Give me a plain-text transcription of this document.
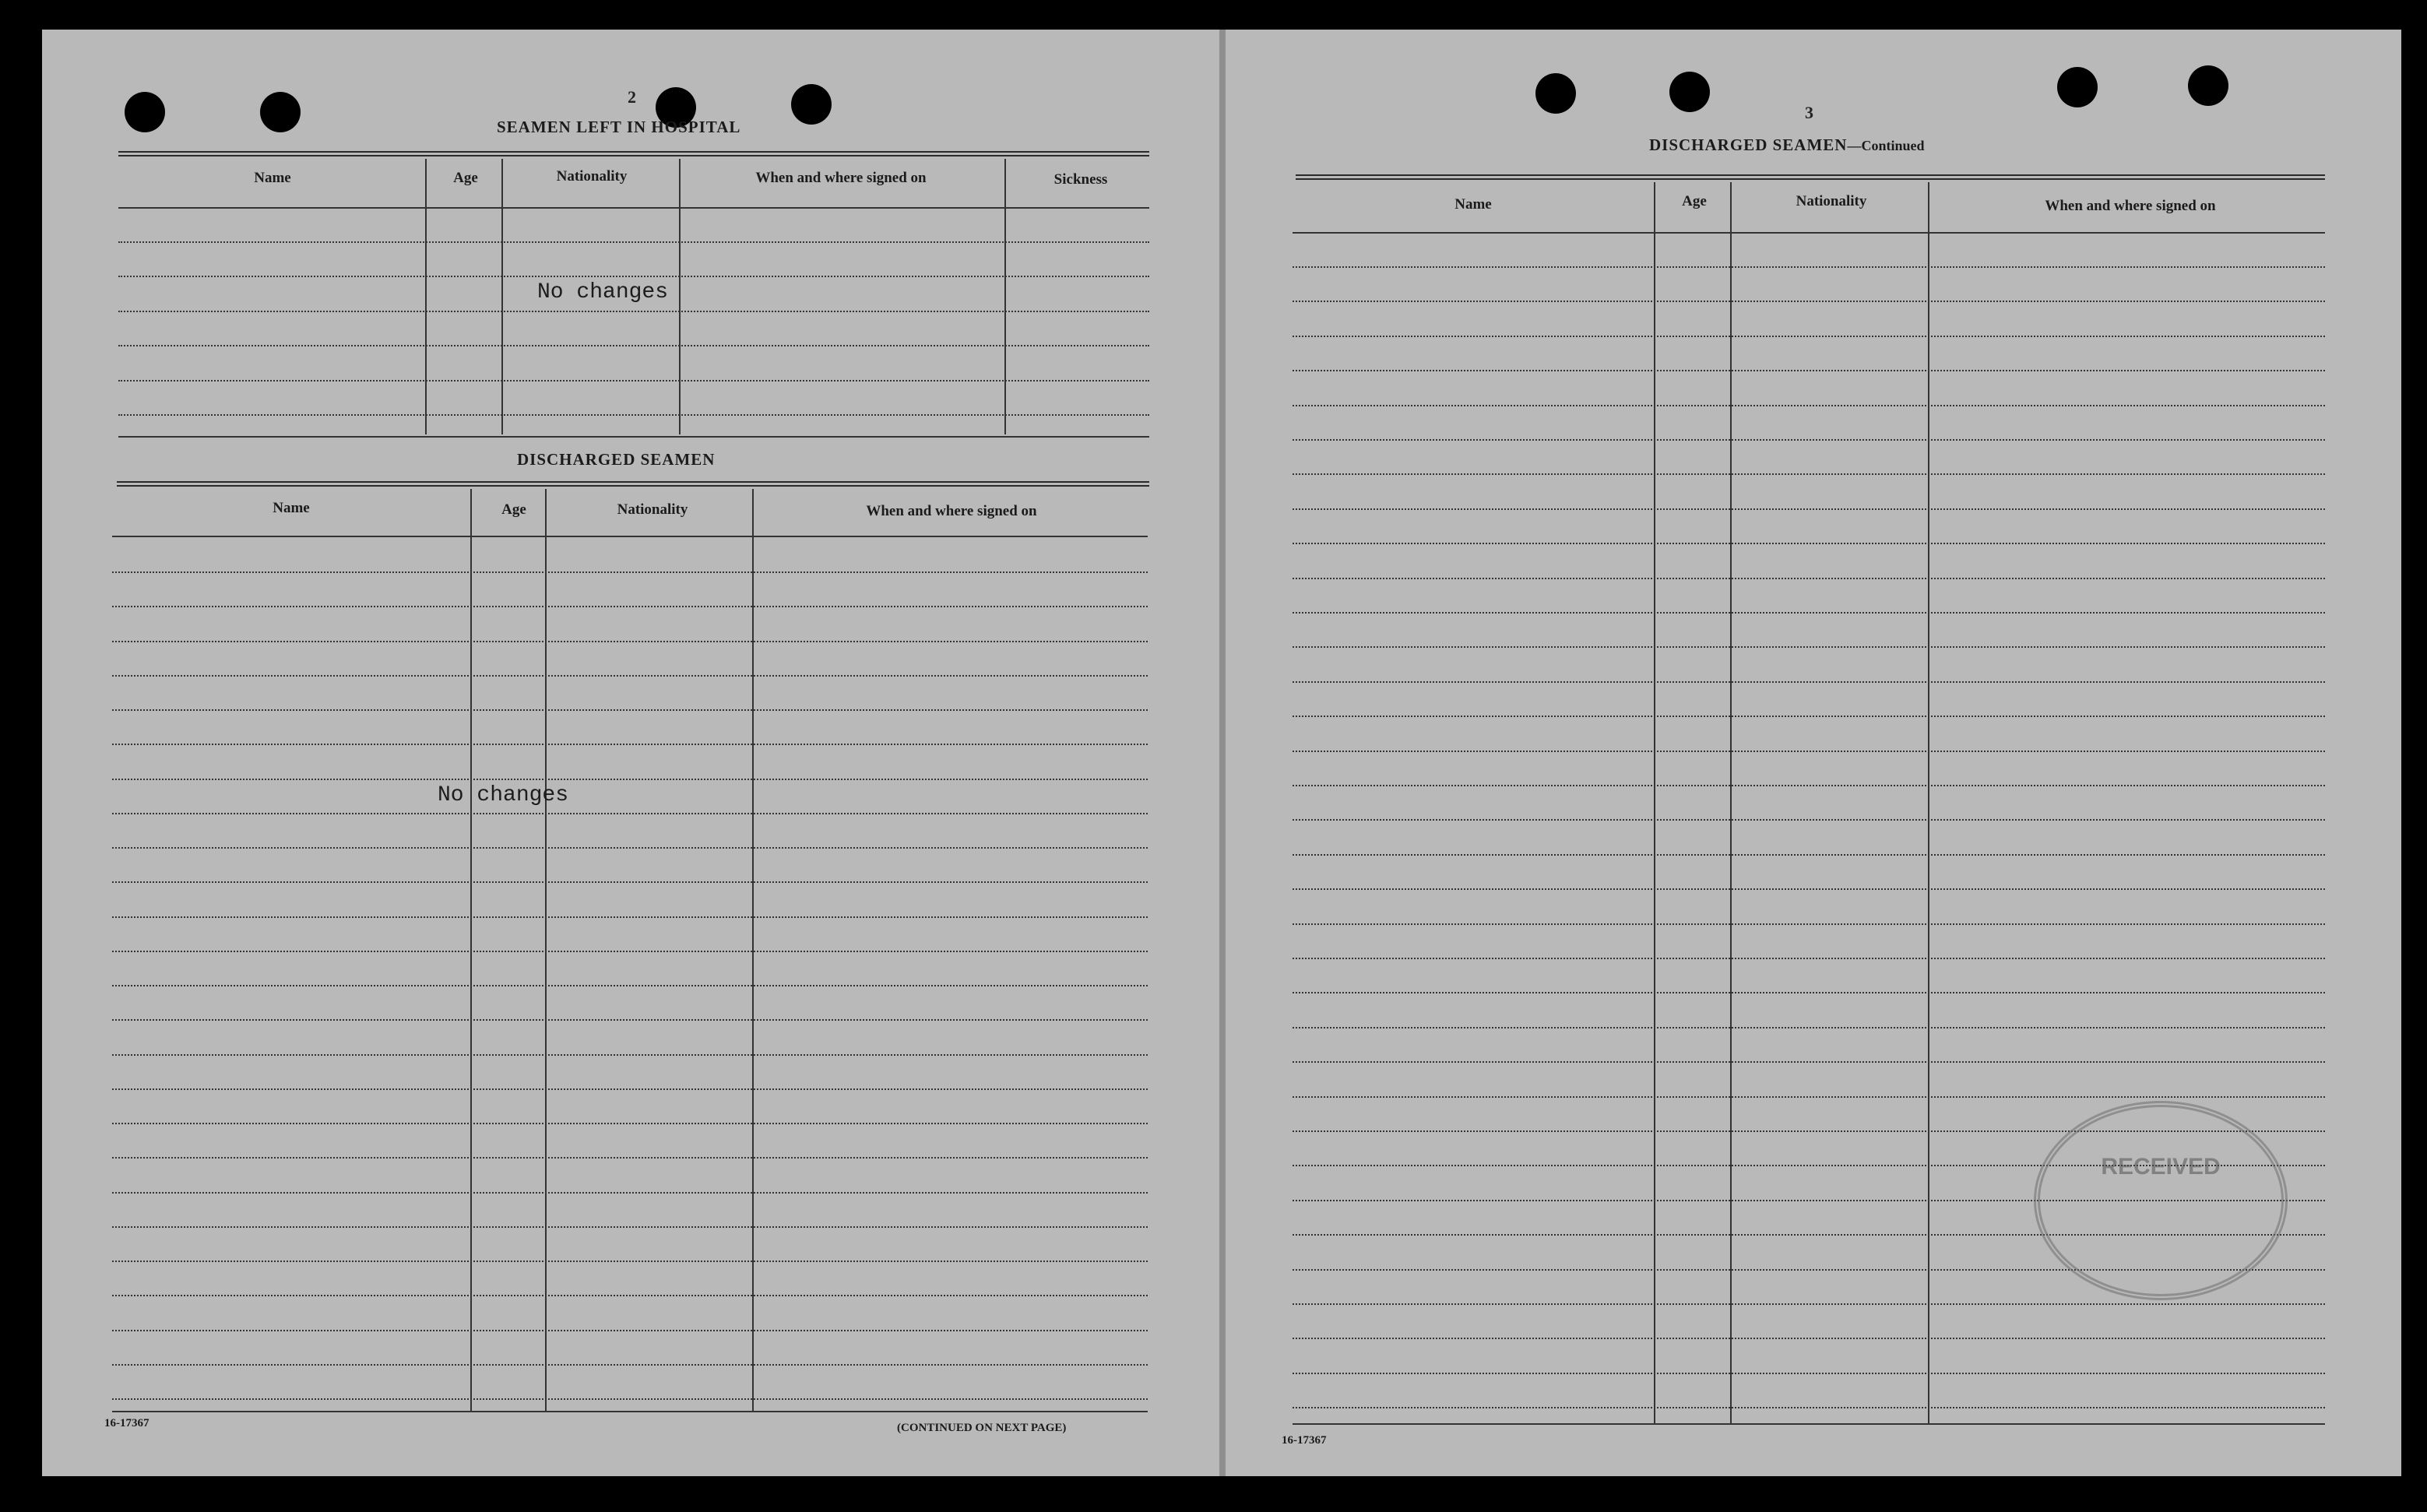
2
SEAMEN LEFT IN HOSPITAL
Name	Age	Nationality	When and where signed on	Sickness
No changes
DISCHARGED SEAMEN
Name	Age	Nationality	When and where signed on
No changes
16-17367	(CONTINUED ON NEXT PAGE)
3
DISCHARGED SEAMEN—Continued
Name	Age	Nationality	When and where signed on
RECEIVED
16-17367
